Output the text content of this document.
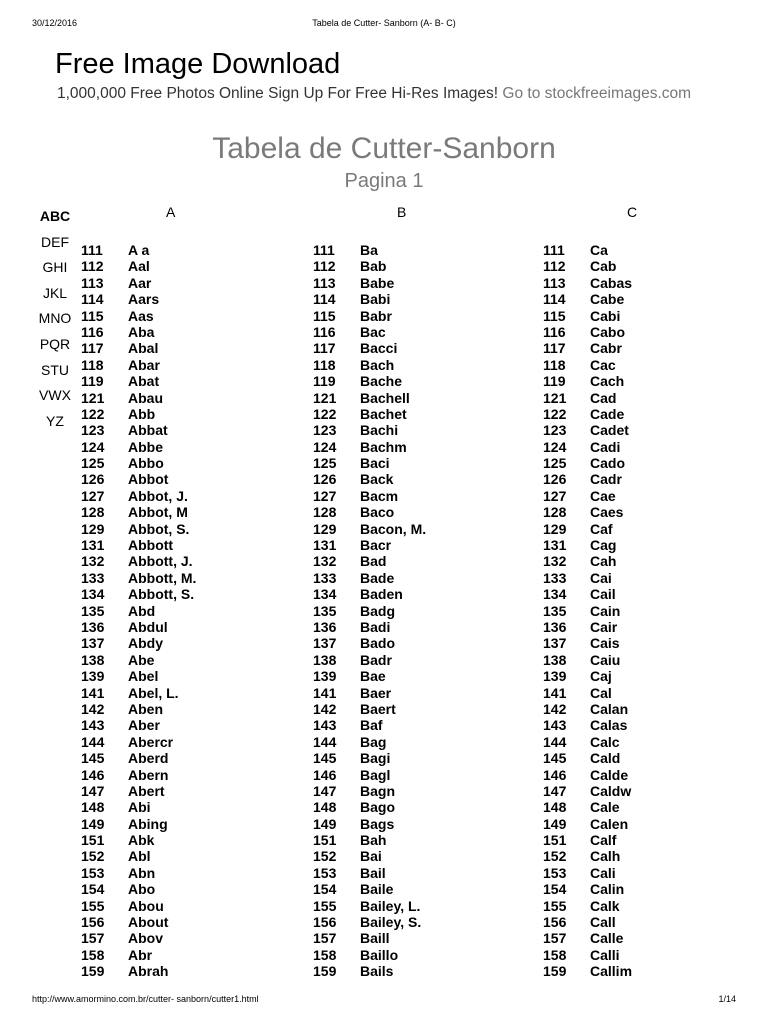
30/12/2016	Tabela de Cutter- Sanborn (A- B- C)
Free Image Download
1,000,000 Free Photos Online Sign Up For Free Hi-Res Images! Go to stockfreeimages.com
Tabela de Cutter-Sanborn
Pagina 1
ABC
DEF
GHI
JKL
MNO
PQR
STU
VWX
YZ
A	B	C
111 A a
112 Aal
113 Aar
114 Aars
115 Aas
116 Aba
117 Abal
118 Abar
119 Abat
121 Abau
122 Abb
123 Abbat
124 Abbe
125 Abbo
126 Abbot
127 Abbot, J.
128 Abbot, M
129 Abbot, S.
131 Abbott
132 Abbott, J.
133 Abbott, M.
134 Abbott, S.
135 Abd
136 Abdul
137 Abdy
138 Abe
139 Abel
141 Abel, L.
142 Aben
143 Aber
144 Abercr
145 Aberd
146 Abern
147 Abert
148 Abi
149 Abing
151 Abk
152 Abl
153 Abn
154 Abo
155 Abou
156 About
157 Abov
158 Abr
159 Abrah
111 Ba
112 Bab
113 Babe
114 Babi
115 Babr
116 Bac
117 Bacci
118 Bach
119 Bache
121 Bachell
122 Bachet
123 Bachi
124 Bachm
125 Baci
126 Back
127 Bacm
128 Baco
129 Bacon, M.
131 Bacr
132 Bad
133 Bade
134 Baden
135 Badg
136 Badi
137 Bado
138 Badr
139 Bae
141 Baer
142 Baert
143 Baf
144 Bag
145 Bagi
146 Bagl
147 Bagn
148 Bago
149 Bags
151 Bah
152 Bai
153 Bail
154 Baile
155 Bailey, L.
156 Bailey, S.
157 Baill
158 Baillo
159 Bails
111 Ca
112 Cab
113 Cabas
114 Cabe
115 Cabi
116 Cabo
117 Cabr
118 Cac
119 Cach
121 Cad
122 Cade
123 Cadet
124 Cadi
125 Cado
126 Cadr
127 Cae
128 Caes
129 Caf
131 Cag
132 Cah
133 Cai
134 Cail
135 Cain
136 Cair
137 Cais
138 Caiu
139 Caj
141 Cal
142 Calan
143 Calas
144 Calc
145 Cald
146 Calde
147 Caldw
148 Cale
149 Calen
151 Calf
152 Calh
153 Cali
154 Calin
155 Calk
156 Call
157 Calle
158 Calli
159 Callim
http://www.amormino.com.br/cutter- sanborn/cutter1.html	1/14
